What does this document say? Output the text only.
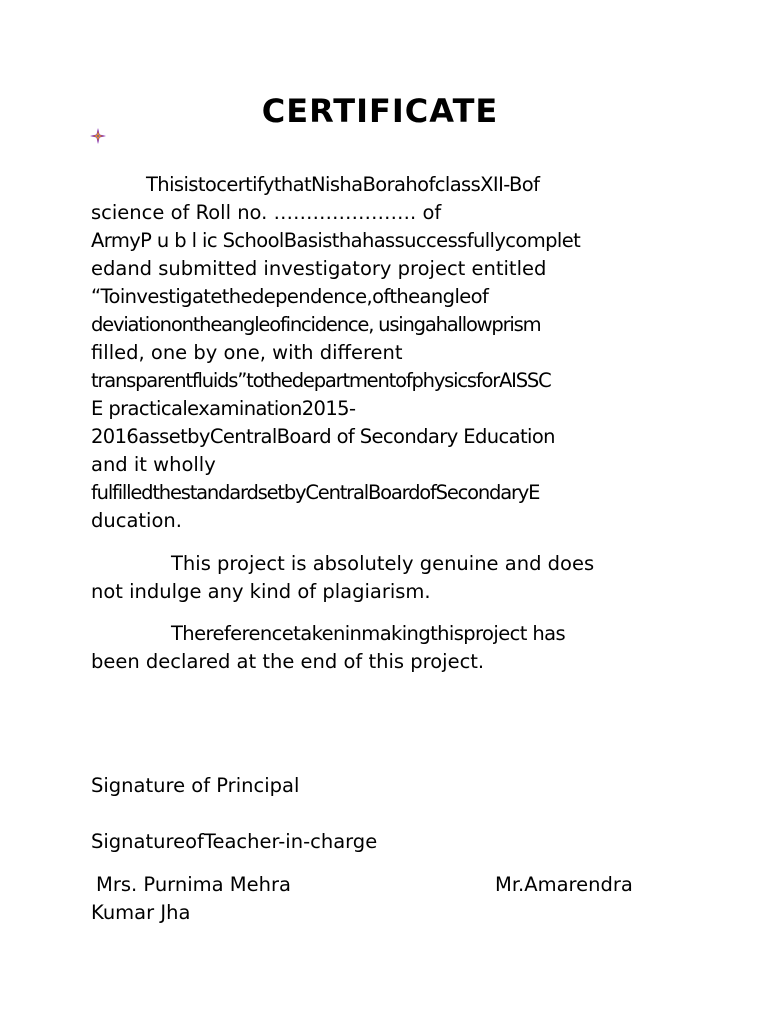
CERTIFICATE
ThisistocertifythatNishaBorahofclassXII-Bof
science of Roll no. …………………. of
ArmyP u b l ic SchoolBasisthahassuccessfullycomplet
edand submitted investigatory project entitled
“Toinvestigatethedependence,oftheangleof
deviationontheangleofincidence, usingahallowprism
filled, one by one, with different
transparentfluids”tothedepartmentofphysicsforAISSC
E practicalexamination2015-
2016assetbyCentralBoard of Secondary Education
and it wholly
fulfilledthestandardsetbyCentralBoardofSecondaryE
ducation.
This project is absolutely genuine and does
not indulge any kind of plagiarism.
Thereferencetakeninmakingthisproject has
been declared at the end of this project.
Signature of Principal
SignatureofTeacher-in-charge
Mrs. Purnima Mehra	Mr.Amarendra
Kumar Jha
